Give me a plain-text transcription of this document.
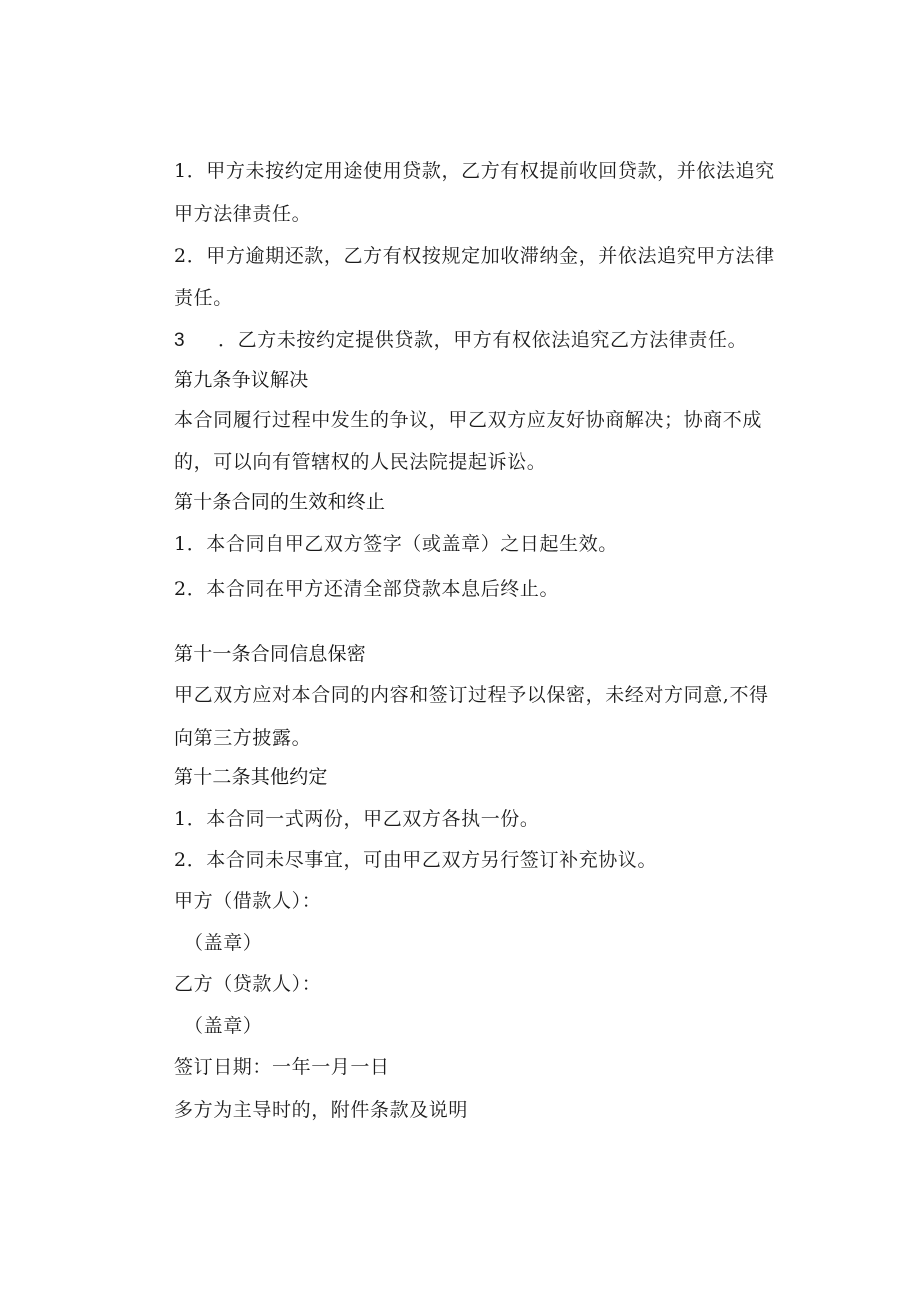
1．甲方未按约定用途使用贷款，乙方有权提前收回贷款，并依法追究
甲方法律责任。
2．甲方逾期还款，乙方有权按规定加收滞纳金，并依法追究甲方法律
责任。
3 ．乙方未按约定提供贷款，甲方有权依法追究乙方法律责任。
第九条争议解决
本合同履行过程中发生的争议，甲乙双方应友好协商解决；协商不成
的，可以向有管辖权的人民法院提起诉讼。
第十条合同的生效和终止
1．本合同自甲乙双方签字（或盖章）之日起生效。
2．本合同在甲方还清全部贷款本息后终止。
第十一条合同信息保密
甲乙双方应对本合同的内容和签订过程予以保密，未经对方同意,不得
向第三方披露。
第十二条其他约定
1．本合同一式两份，甲乙双方各执一份。
2．本合同未尽事宜，可由甲乙双方另行签订补充协议。
甲方（借款人）：
（盖章）
乙方（贷款人）：
（盖章）
签订日期：一年一月一日
多方为主导时的，附件条款及说明
